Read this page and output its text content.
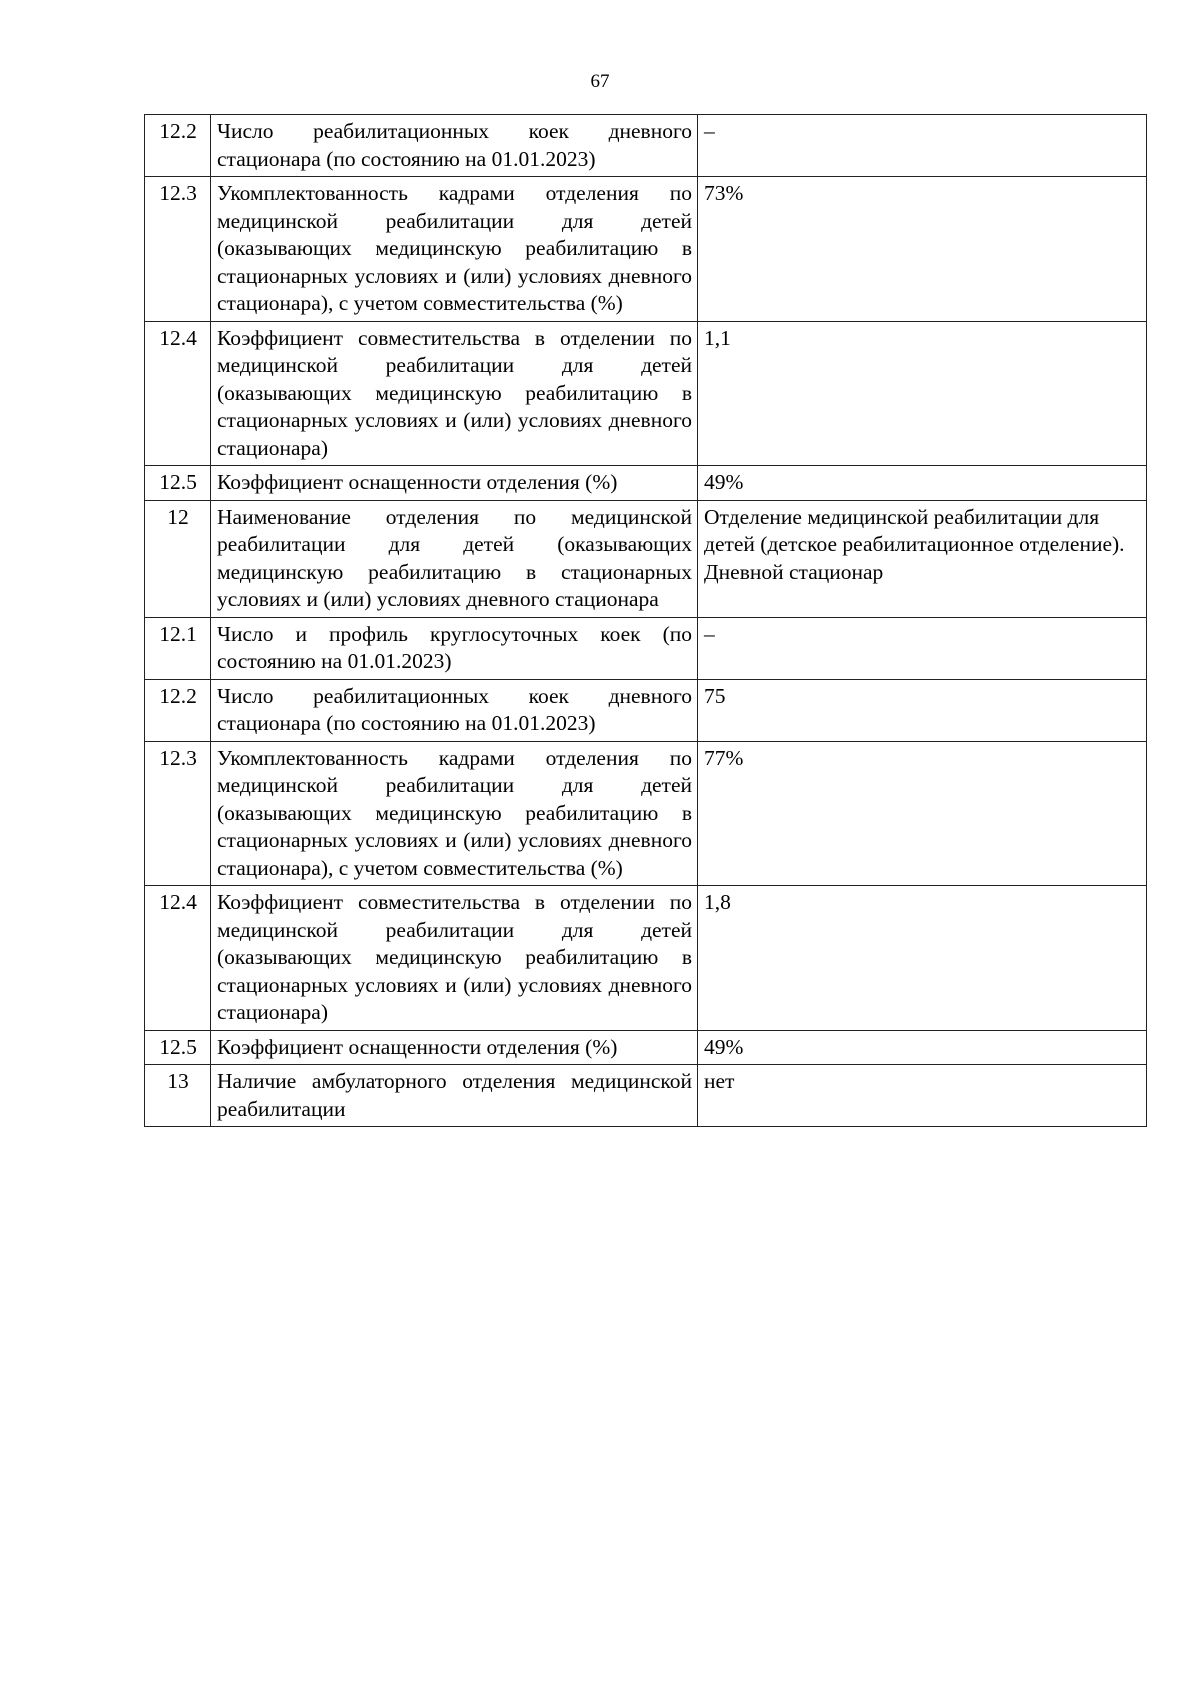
67
12.2	Число реабилитационных коек дневного стационара (по состоянию на 01.01.2023)	–
12.3	Укомплектованность кадрами отделения по медицинской реабилитации для детей (оказывающих медицинскую реабилитацию в стационарных условиях и (или) условиях дневного стационара), с учетом совместительства (%)	73%
12.4	Коэффициент совместительства в отделении по медицинской реабилитации для детей (оказывающих медицинскую реабилитацию в стационарных условиях и (или) условиях дневного стационара)	1,1
12.5	Коэффициент оснащенности отделения (%)	49%
12	Наименование отделения по медицинской реабилитации для детей (оказывающих медицинскую реабилитацию в стационарных условиях и (или) условиях дневного стационара	Отделение медицинской реабилитации для детей (детское реабилитационное отделение). Дневной стационар
12.1	Число и профиль круглосуточных коек (по состоянию на 01.01.2023)	–
12.2	Число реабилитационных коек дневного стационара (по состоянию на 01.01.2023)	75
12.3	Укомплектованность кадрами отделения по медицинской реабилитации для детей (оказывающих медицинскую реабилитацию в стационарных условиях и (или) условиях дневного стационара), с учетом совместительства (%)	77%
12.4	Коэффициент совместительства в отделении по медицинской реабилитации для детей (оказывающих медицинскую реабилитацию в стационарных условиях и (или) условиях дневного стационара)	1,8
12.5	Коэффициент оснащенности отделения (%)	49%
13	Наличие амбулаторного отделения медицинской реабилитации	нет
